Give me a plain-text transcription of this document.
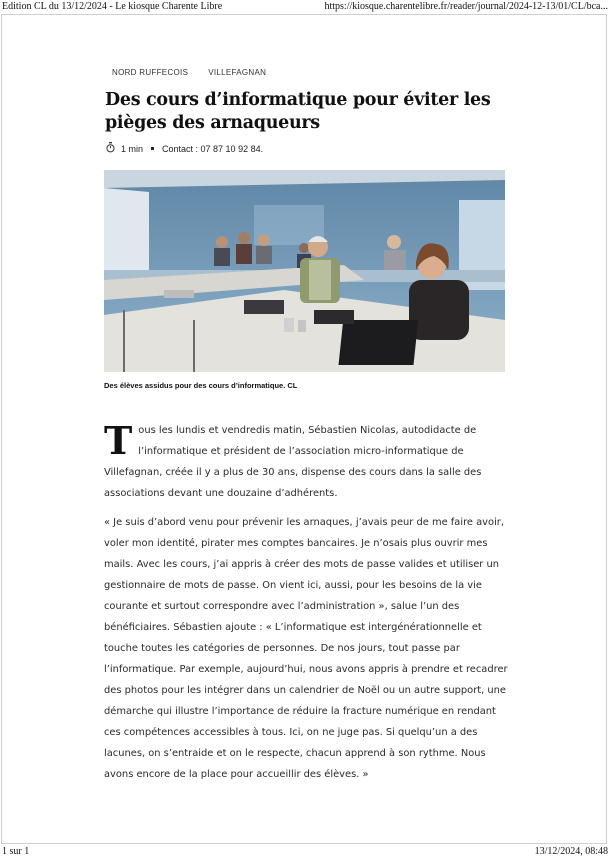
Edition CL du 13/12/2024 - Le kiosque Charente Libre	https://kiosque.charentelibre.fr/reader/journal/2024-12-13/01/CL/bca...
NORD RUFFECOIS	VILLEFAGNAN
Des cours d’informatique pour éviter les pièges des arnaqueurs
1 min Contact : 07 87 10 92 84.
Des élèves assidus pour des cours d’informatique. CL

Tous les lundis et vendredis matin, Sébastien Nicolas, autodidacte de l’informatique et président de l’association micro-informatique de Villefagnan, créée il y a plus de 30 ans, dispense des cours dans la salle des associations devant une douzaine d’adhérents.

« Je suis d’abord venu pour prévenir les arnaques, j’avais peur de me faire avoir, voler mon identité, pirater mes comptes bancaires. Je n’osais plus ouvrir mes mails. Avec les cours, j’ai appris à créer des mots de passe valides et utiliser un gestionnaire de mots de passe. On vient ici, aussi, pour les besoins de la vie courante et surtout correspondre avec l’administration », salue l’un des bénéficiaires. Sébastien ajoute : « L’informatique est intergénérationnelle et touche toutes les catégories de personnes. De nos jours, tout passe par l’informatique. Par exemple, aujourd’hui, nous avons appris à prendre et recadrer des photos pour les intégrer dans un calendrier de Noël ou un autre support, une démarche qui illustre l’importance de réduire la fracture numérique en rendant ces compétences accessibles à tous. Ici, on ne juge pas. Si quelqu’un a des lacunes, on s’entraide et on le respecte, chacun apprend à son rythme. Nous avons encore de la place pour accueillir des élèves. »

1 sur 1	13/12/2024, 08:48
